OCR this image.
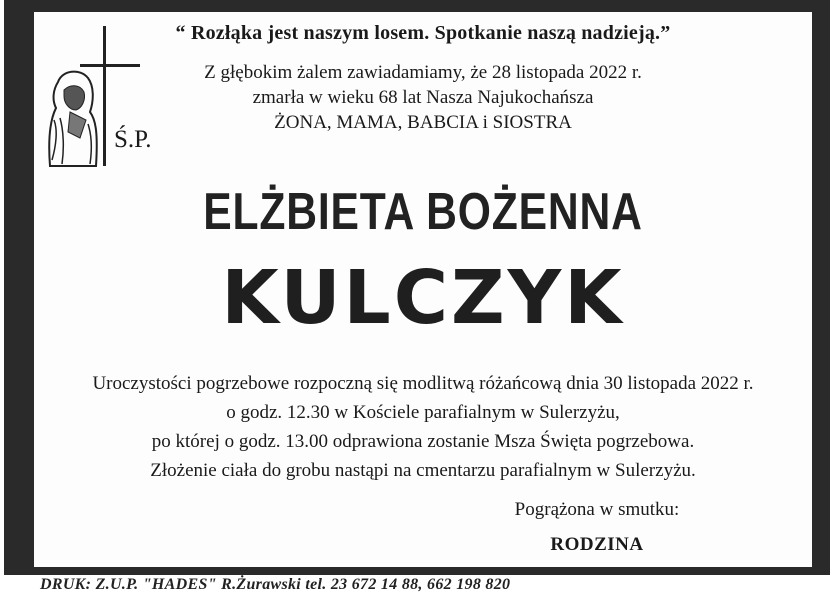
“ Rozłąka jest naszym losem. Spotkanie naszą nadzieją.”
Z głębokim żalem zawiadamiamy, że 28 listopada 2022 r.
zmarła w wieku 68 lat Nasza Najukochańsza
ŻONA, MAMA, BABCIA i SIOSTRA
Ś.P.
ELŻBIETA BOŻENNA
KULCZYK
Uroczystości pogrzebowe rozpoczną się modlitwą różańcową dnia 30 listopada 2022 r.
o godz. 12.30 w Kościele parafialnym w Sulerzyżu,
po której o godz. 13.00 odprawiona zostanie Msza Święta pogrzebowa.
Złożenie ciała do grobu nastąpi na cmentarzu parafialnym w Sulerzyżu.
Pogrążona w smutku:
RODZINA
DRUK: Z.U.P. "HADES" R.Żurawski tel. 23 672 14 88, 662 198 820
